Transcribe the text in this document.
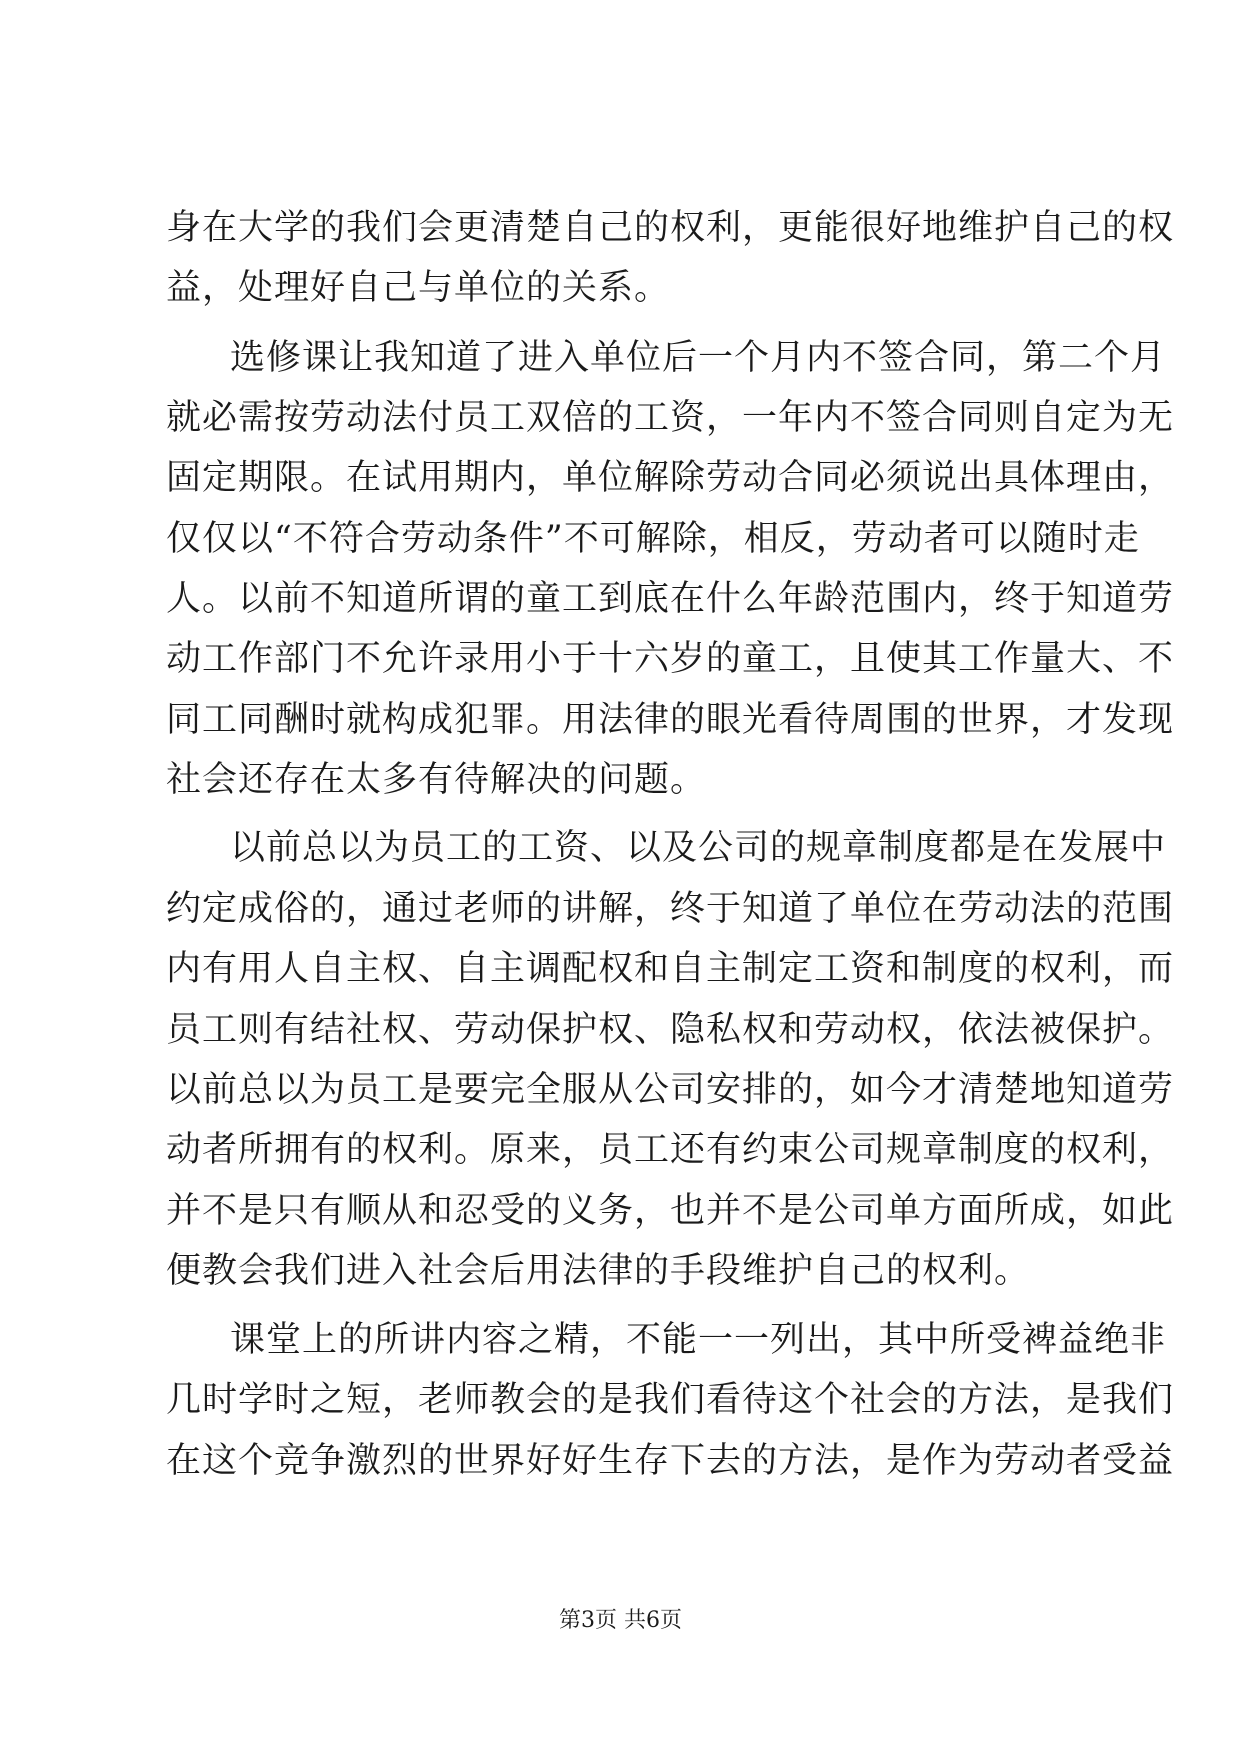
身在大学的我们会更清楚自己的权利，更能很好地维护自己的权
益，处理好自己与单位的关系。
选修课让我知道了进入单位后一个月内不签合同，第二个月
就必需按劳动法付员工双倍的工资，一年内不签合同则自定为无
固定期限。在试用期内，单位解除劳动合同必须说出具体理由，
仅仅以“不符合劳动条件”不可解除，相反，劳动者可以随时走
人。以前不知道所谓的童工到底在什么年龄范围内，终于知道劳
动工作部门不允许录用小于十六岁的童工，且使其工作量大、不
同工同酬时就构成犯罪。用法律的眼光看待周围的世界，才发现
社会还存在太多有待解决的问题。
以前总以为员工的工资、以及公司的规章制度都是在发展中
约定成俗的，通过老师的讲解，终于知道了单位在劳动法的范围
内有用人自主权、自主调配权和自主制定工资和制度的权利，而
员工则有结社权、劳动保护权、隐私权和劳动权，依法被保护。
以前总以为员工是要完全服从公司安排的，如今才清楚地知道劳
动者所拥有的权利。原来，员工还有约束公司规章制度的权利，
并不是只有顺从和忍受的义务，也并不是公司单方面所成，如此
便教会我们进入社会后用法律的手段维护自己的权利。
课堂上的所讲内容之精，不能一一列出，其中所受裨益绝非
几时学时之短，老师教会的是我们看待这个社会的方法，是我们
在这个竞争激烈的世界好好生存下去的方法，是作为劳动者受益
第3页 共6页
